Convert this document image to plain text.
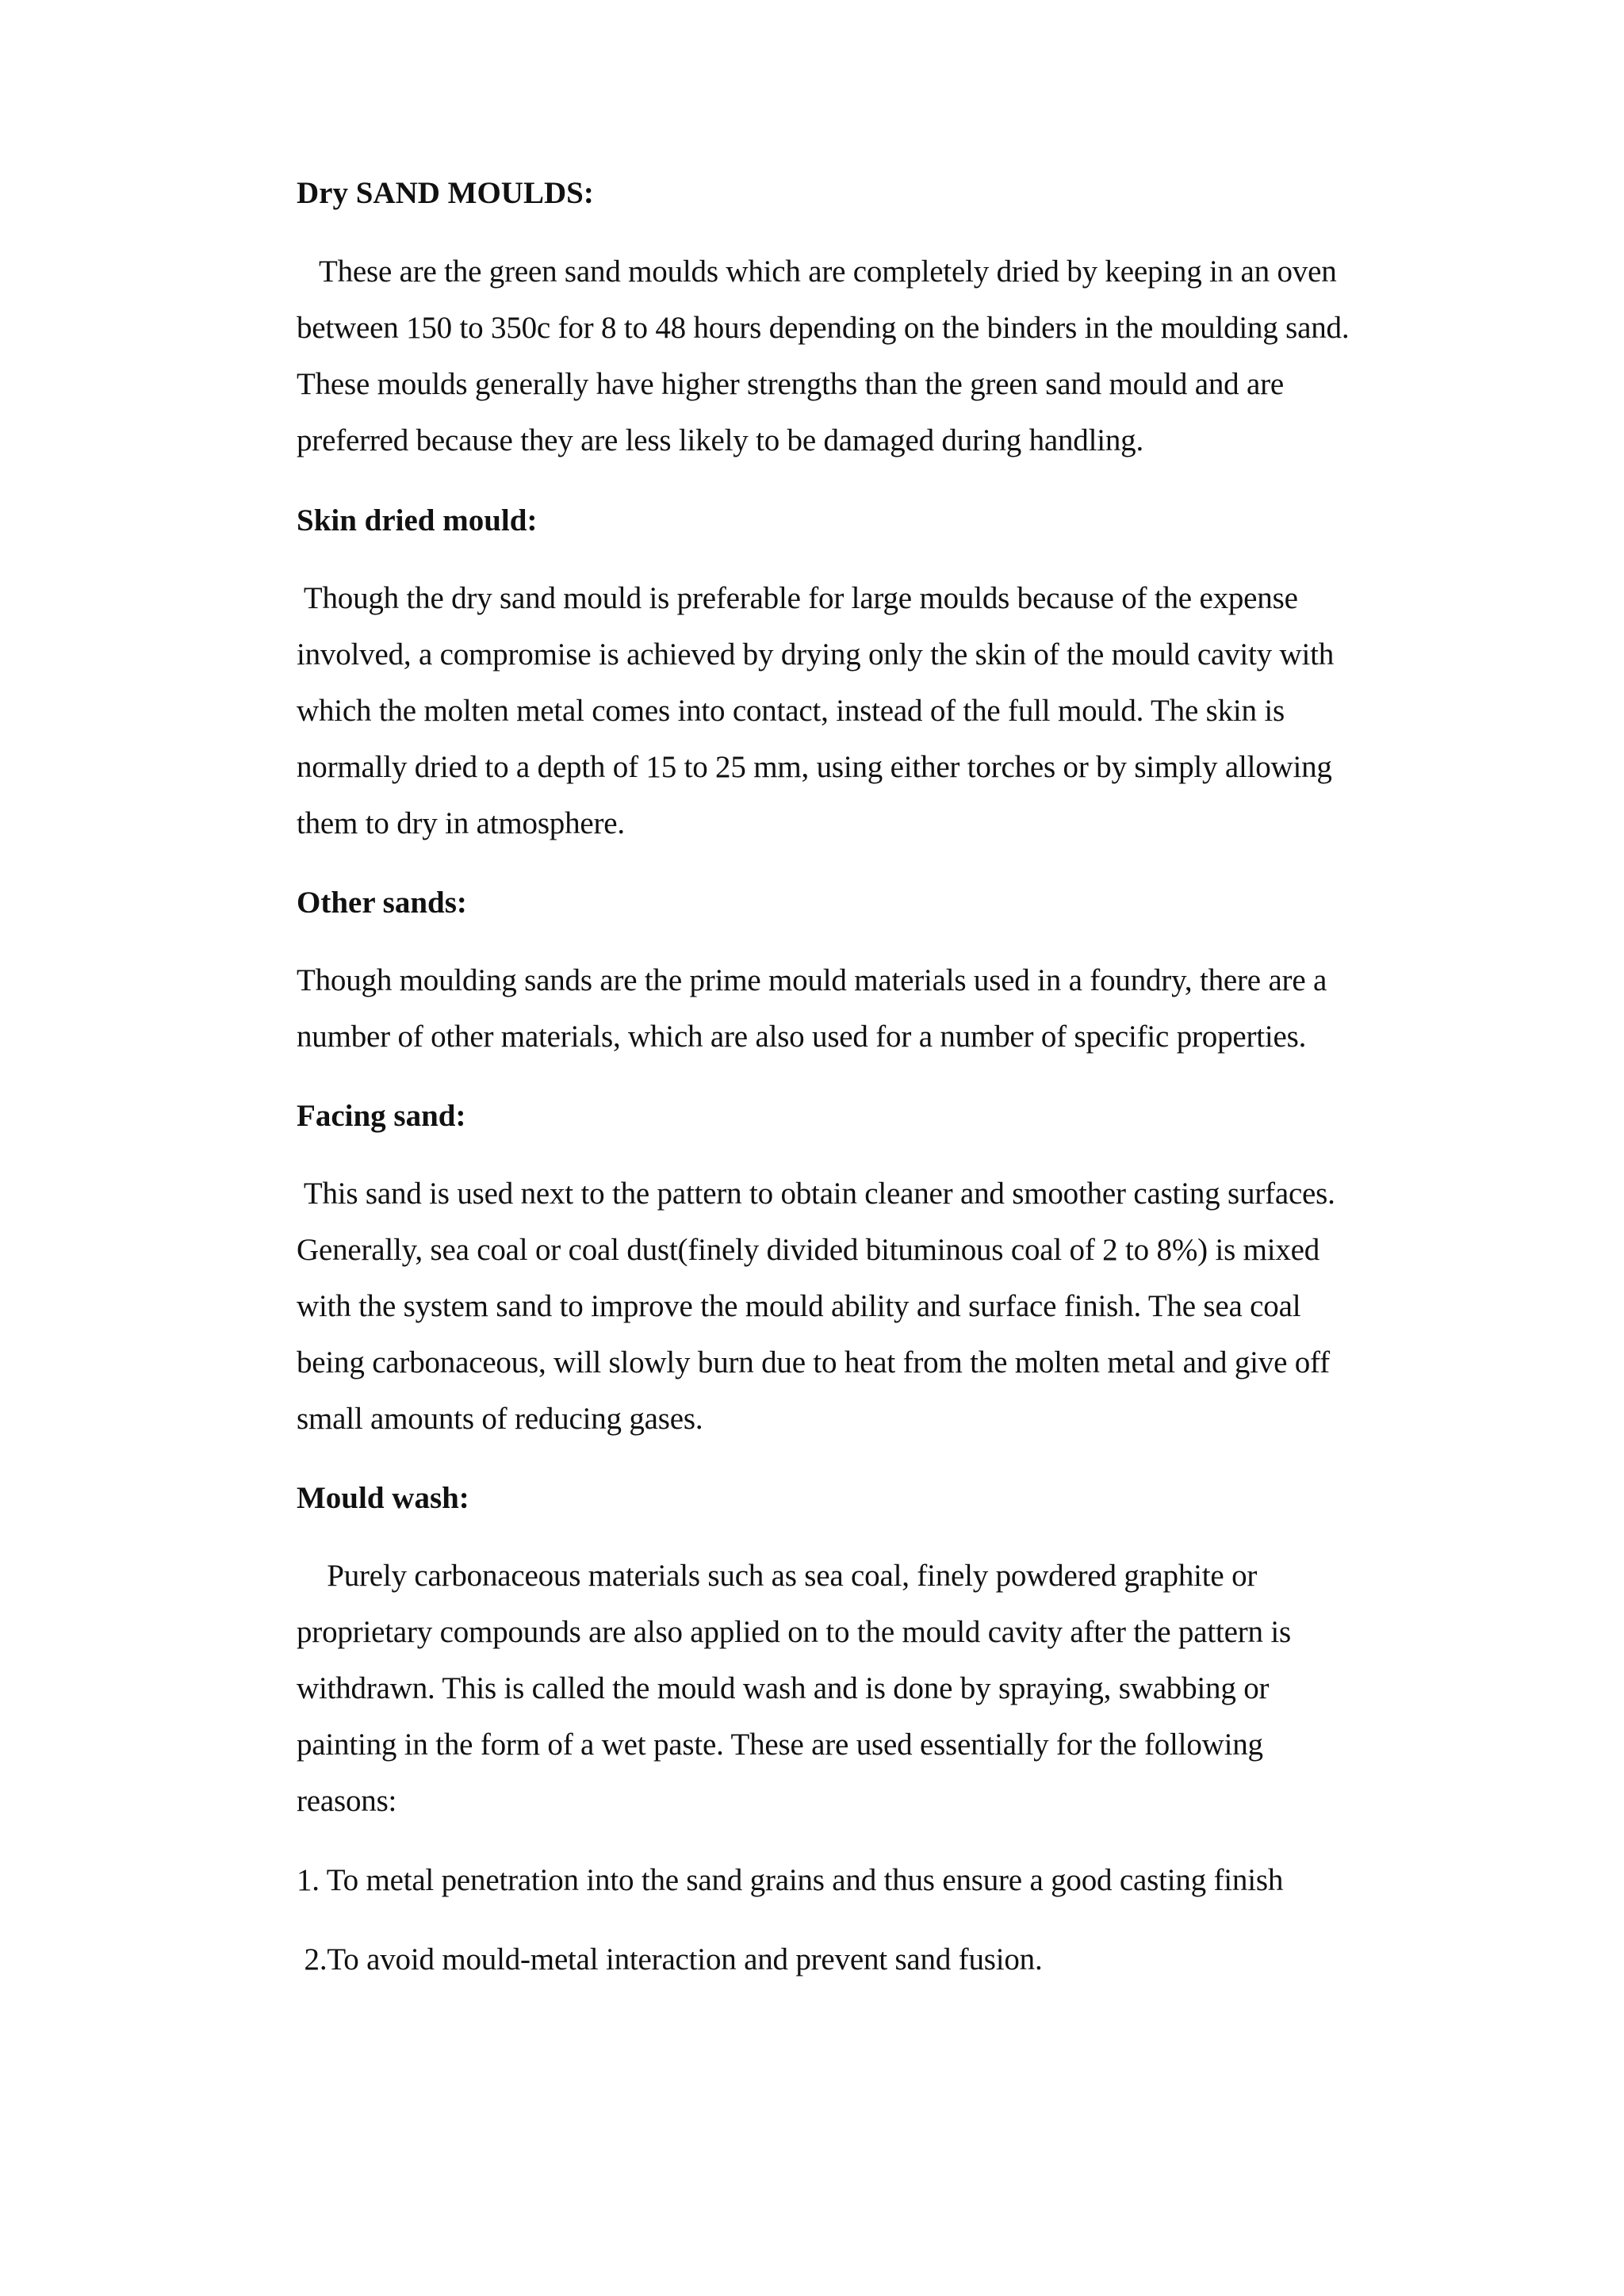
Dry SAND MOULDS:
These are the green sand moulds which are completely dried by keeping in an oven
between 150 to 350c for 8 to 48 hours depending on the binders in the moulding sand.
These moulds generally have higher strengths than the green sand mould and are
preferred because they are less likely to be damaged during handling.
Skin dried mould:
Though the dry sand mould is preferable for large moulds because of the expense
involved, a compromise is achieved by drying only the skin of the mould cavity with
which the molten metal comes into contact, instead of the full mould. The skin is
normally dried to a depth of 15 to 25 mm, using either torches or by simply allowing
them to dry in atmosphere.
Other sands:
Though moulding sands are the prime mould materials used in a foundry, there are a
number of other materials, which are also used for a number of specific properties.
Facing sand:
This sand is used next to the pattern to obtain cleaner and smoother casting surfaces.
Generally, sea coal or coal dust(finely divided bituminous coal of 2 to 8%) is mixed
with the system sand to improve the mould ability and surface finish. The sea coal
being carbonaceous, will slowly burn due to heat from the molten metal and give off
small amounts of reducing gases.
Mould wash:
Purely carbonaceous materials such as sea coal, finely powdered graphite or
proprietary compounds are also applied on to the mould cavity after the pattern is
withdrawn. This is called the mould wash and is done by spraying, swabbing or
painting in the form of a wet paste. These are used essentially for the following
reasons:
1. To metal penetration into the sand grains and thus ensure a good casting finish
2.To avoid mould-metal interaction and prevent sand fusion.
